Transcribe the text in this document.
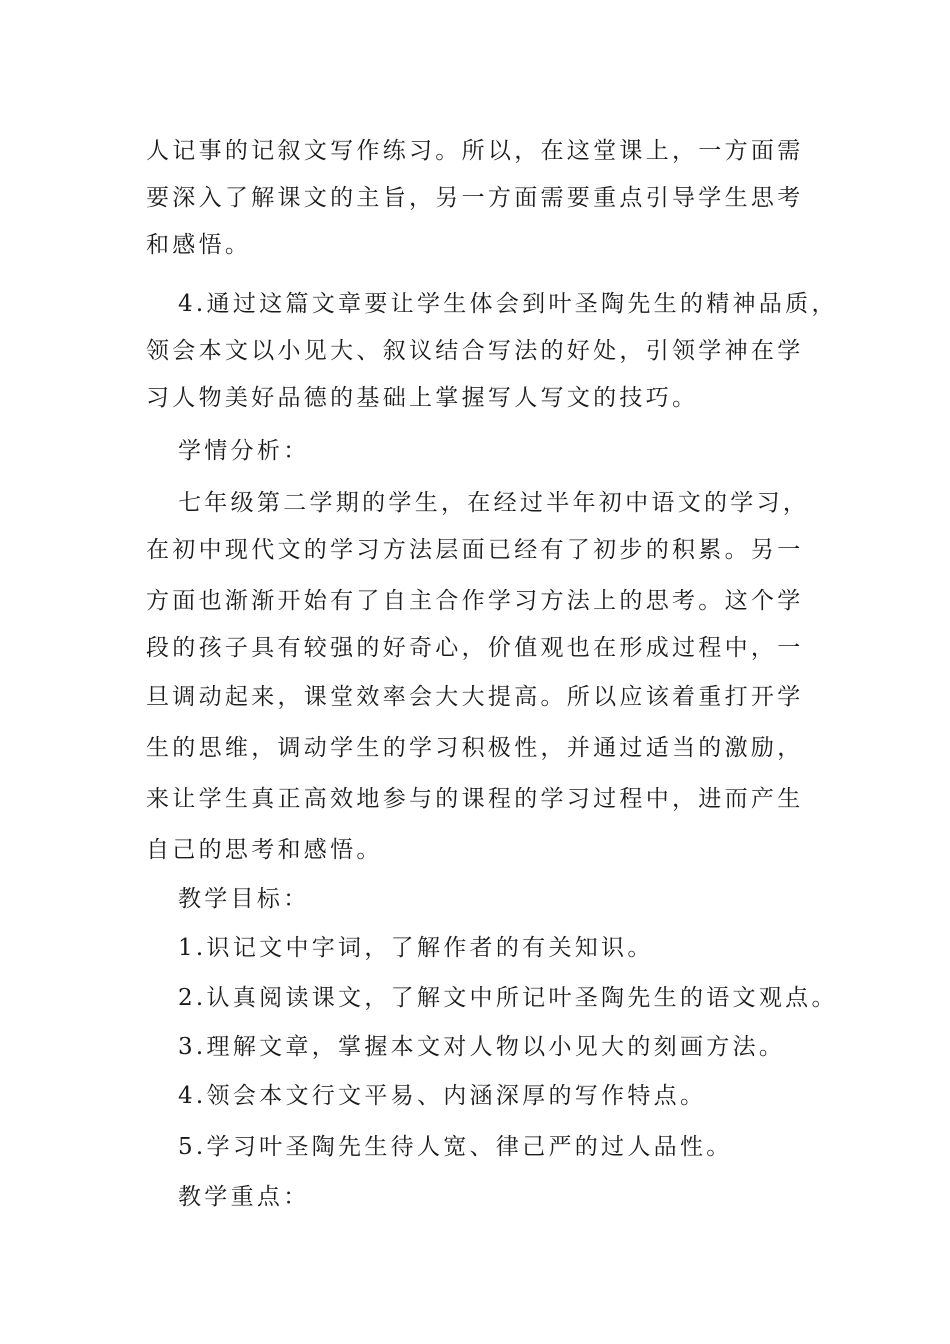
人记事的记叙文写作练习。所以，在这堂课上，一方面需
要深入了解课文的主旨，另一方面需要重点引导学生思考
和感悟。
4.通过这篇文章要让学生体会到叶圣陶先生的精神品质，
领会本文以小见大、叙议结合写法的好处，引领学神在学
习人物美好品德的基础上掌握写人写文的技巧。
学情分析：
七年级第二学期的学生，在经过半年初中语文的学习，
在初中现代文的学习方法层面已经有了初步的积累。另一
方面也渐渐开始有了自主合作学习方法上的思考。这个学
段的孩子具有较强的好奇心，价值观也在形成过程中，一
旦调动起来，课堂效率会大大提高。所以应该着重打开学
生的思维，调动学生的学习积极性，并通过适当的激励，
来让学生真正高效地参与的课程的学习过程中，进而产生
自己的思考和感悟。
教学目标：
1.识记文中字词，了解作者的有关知识。
2.认真阅读课文，了解文中所记叶圣陶先生的语文观点。
3.理解文章，掌握本文对人物以小见大的刻画方法。
4.领会本文行文平易、内涵深厚的写作特点。
5.学习叶圣陶先生待人宽、律己严的过人品性。
教学重点：
